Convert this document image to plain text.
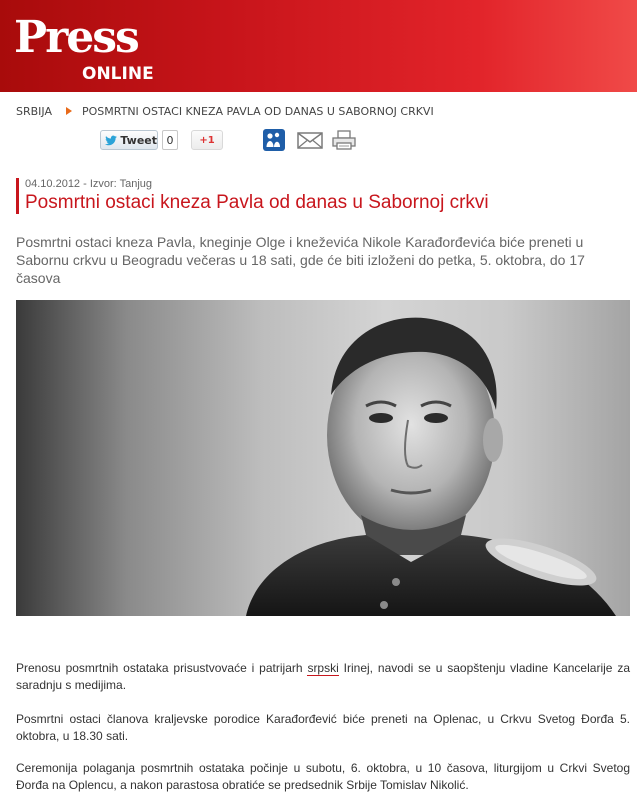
Press
ONLINE
SRBIJA	POSMRTNI OSTACI KNEZA PAVLA OD DANAS U SABORNOJ CRKVI
Tweet 0	+1
04.10.2012 - Izvor: Tanjug
Posmrtni ostaci kneza Pavla od danas u Sabornoj crkvi
Posmrtni ostaci kneza Pavla, kneginje Olge i kneževića Nikole Karađorđevića biće preneti u Sabornu crkvu u Beogradu večeras u 18 sati, gde će biti izloženi do petka, 5. oktobra, do 17 časova
Prenosu posmrtnih ostataka prisustvovaće i patrijarh srpski Irinej, navodi se u saopštenju vladine Kancelarije za saradnju s medijima.
Posmrtni ostaci članova kraljevske porodice Karađorđević biće preneti na Oplenac, u Crkvu Svetog Đorđa 5. oktobra, u 18.30 sati.
Ceremonija polaganja posmrtnih ostataka počinje u subotu, 6. oktobra, u 10 časova, liturgijom u Crkvi Svetog Đorđa na Oplencu, a nakon parastosa obratiće se predsednik Srbije Tomislav Nikolić.
